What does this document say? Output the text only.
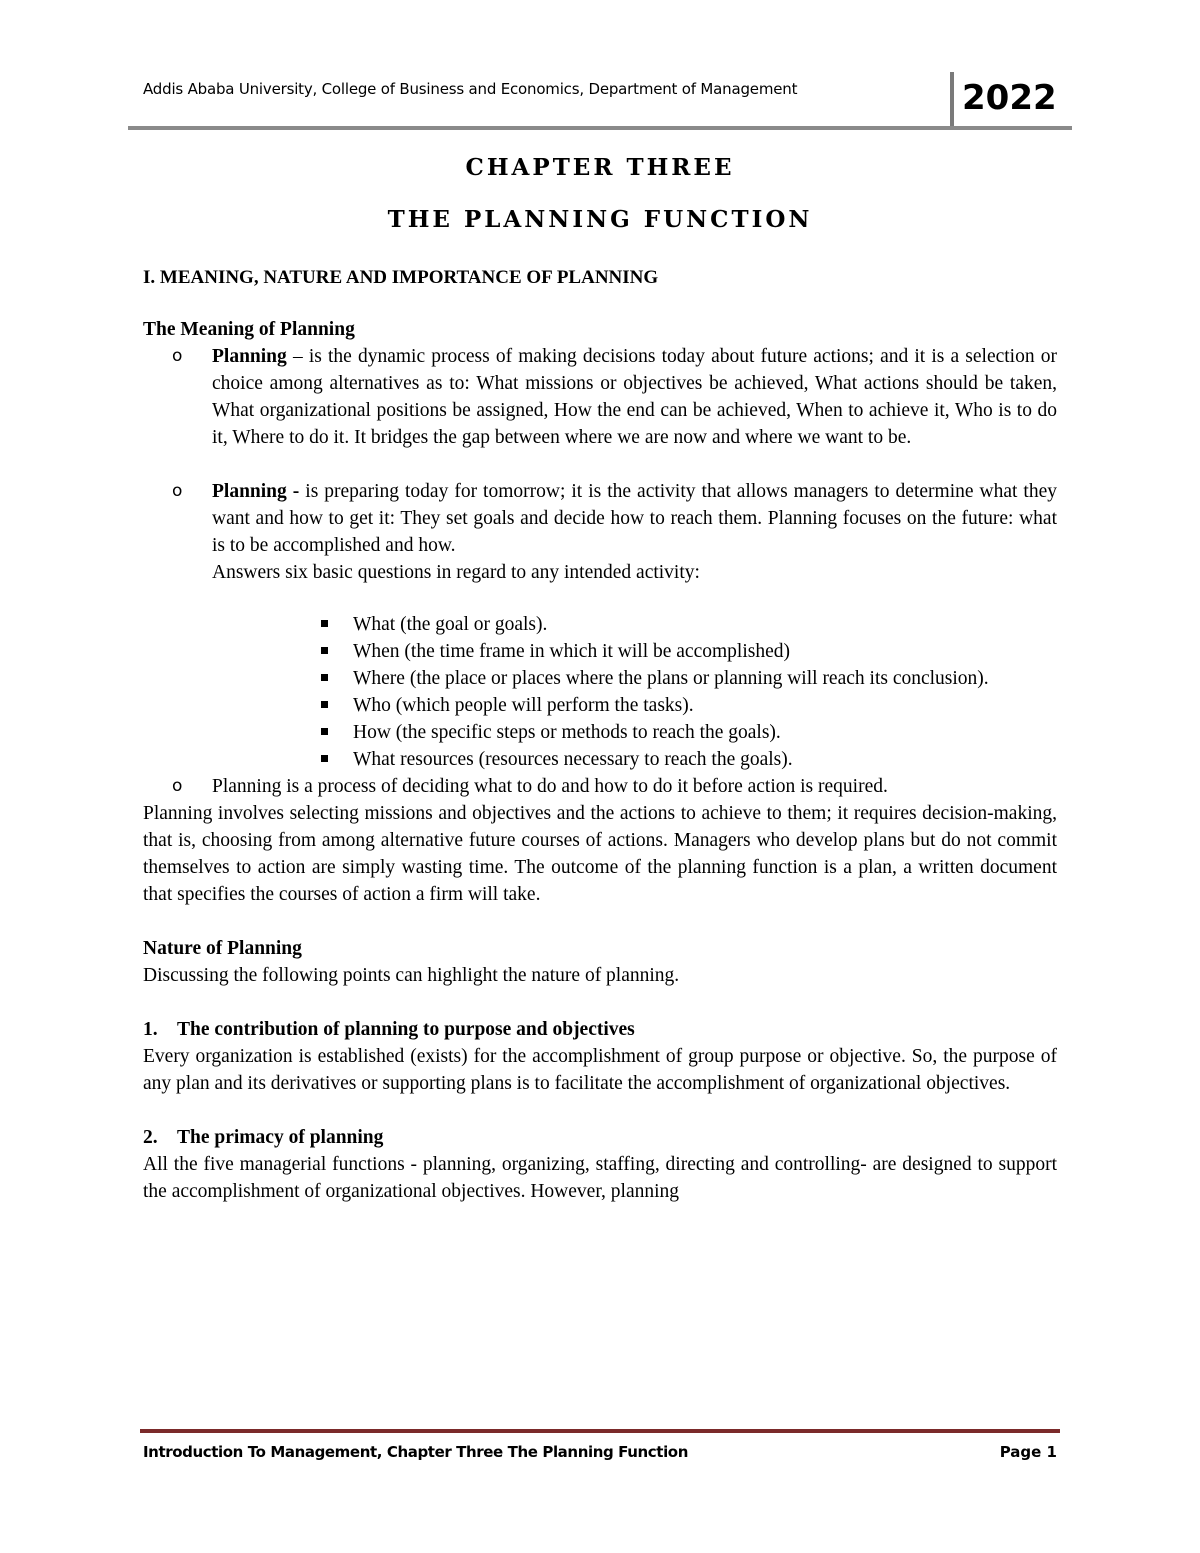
Addis Ababa University, College of Business and Economics, Department of Management	2022
CHAPTER THREE
THE PLANNING FUNCTION
I. MEANING, NATURE AND IMPORTANCE OF PLANNING
The Meaning of Planning
o Planning – is the dynamic process of making decisions today about future actions; and it is a selection or choice among alternatives as to: What missions or objectives be achieved, What actions should be taken, What organizational positions be assigned, How the end can be achieved, When to achieve it, Who is to do it, Where to do it. It bridges the gap between where we are now and where we want to be.
o Planning - is preparing today for tomorrow; it is the activity that allows managers to determine what they want and how to get it: They set goals and decide how to reach them. Planning focuses on the future: what is to be accomplished and how.
Answers six basic questions in regard to any intended activity:
What (the goal or goals).
When (the time frame in which it will be accomplished)
Where (the place or places where the plans or planning will reach its conclusion).
Who (which people will perform the tasks).
How (the specific steps or methods to reach the goals).
What resources (resources necessary to reach the goals).
o Planning is a process of deciding what to do and how to do it before action is required.

Planning involves selecting missions and objectives and the actions to achieve to them; it requires decision-making, that is, choosing from among alternative future courses of actions. Managers who develop plans but do not commit themselves to action are simply wasting time. The outcome of the planning function is a plan, a written document that specifies the courses of action a firm will take.

Nature of Planning

Discussing the following points can highlight the nature of planning.

1. The contribution of planning to purpose and objectives

Every organization is established (exists) for the accomplishment of group purpose or objective. So, the purpose of any plan and its derivatives or supporting plans is to facilitate the accomplishment of organizational objectives.

2. The primacy of planning

All the five managerial functions - planning, organizing, staffing, directing and controlling- are designed to support the accomplishment of organizational objectives. However, planning

Introduction To Management, Chapter Three The Planning Function	Page 1
